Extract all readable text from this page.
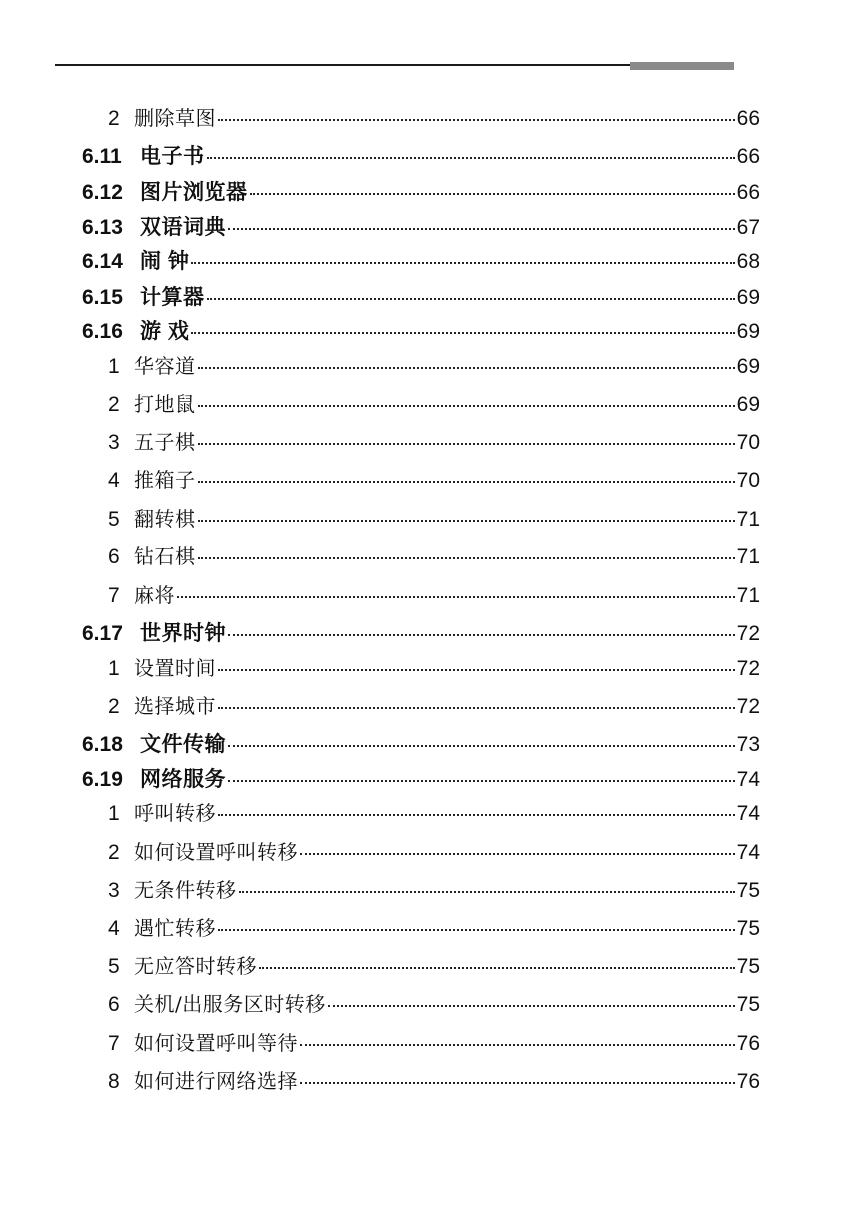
2 删除草图	66
6.11 电子书	66
6.12 图片浏览器	66
6.13 双语词典	67
6.14 闹 钟	68
6.15 计算器	69
6.16 游 戏	69
1 华容道	69
2 打地鼠	69
3 五子棋	70
4 推箱子	70
5 翻转棋	71
6 钻石棋	71
7 麻将	71
6.17 世界时钟	72
1 设置时间	72
2 选择城市	72
6.18 文件传输	73
6.19 网络服务	74
1 呼叫转移	74
2 如何设置呼叫转移	74
3 无条件转移	75
4 遇忙转移	75
5 无应答时转移	75
6 关机/出服务区时转移	75
7 如何设置呼叫等待	76
8 如何进行网络选择	76
